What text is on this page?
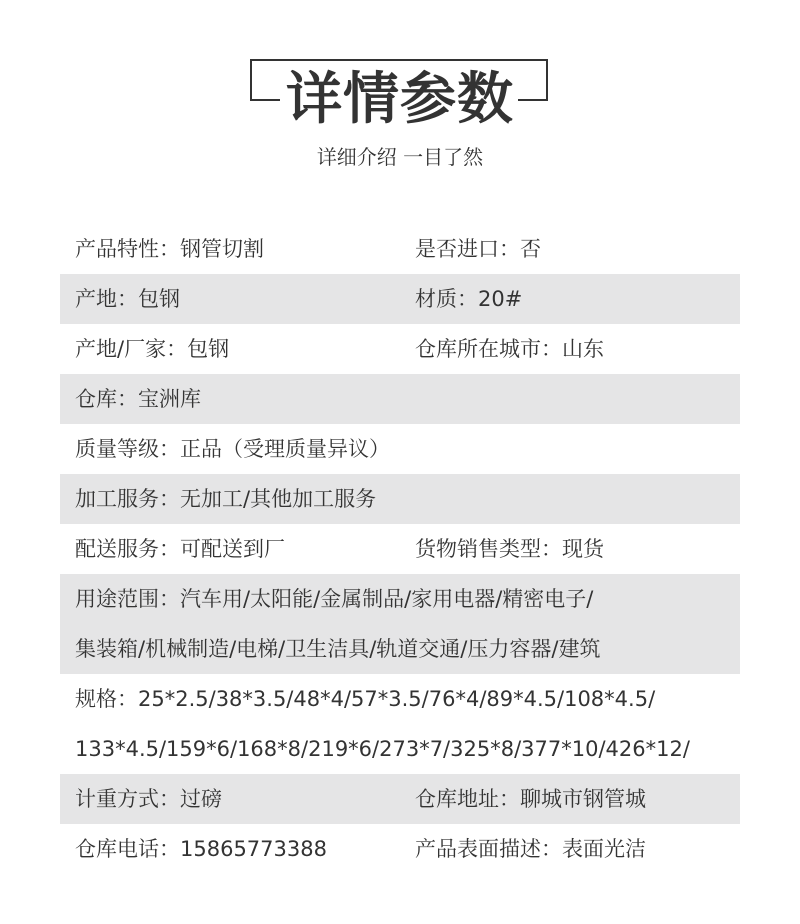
详情参数
详细介绍 一目了然
产品特性：钢管切割	是否进口：否
产地：包钢	材质：20#
产地/厂家：包钢	仓库所在城市：山东
仓库：宝洲库
质量等级：正品（受理质量异议）
加工服务：无加工/其他加工服务
配送服务：可配送到厂	货物销售类型：现货
用途范围：汽车用/太阳能/金属制品/家用电器/精密电子/
集装箱/机械制造/电梯/卫生洁具/轨道交通/压力容器/建筑
规格：25*2.5/38*3.5/48*4/57*3.5/76*4/89*4.5/108*4.5/
133*4.5/159*6/168*8/219*6/273*7/325*8/377*10/426*12/
计重方式：过磅	仓库地址：聊城市钢管城
仓库电话：15865773388	产品表面描述：表面光洁
